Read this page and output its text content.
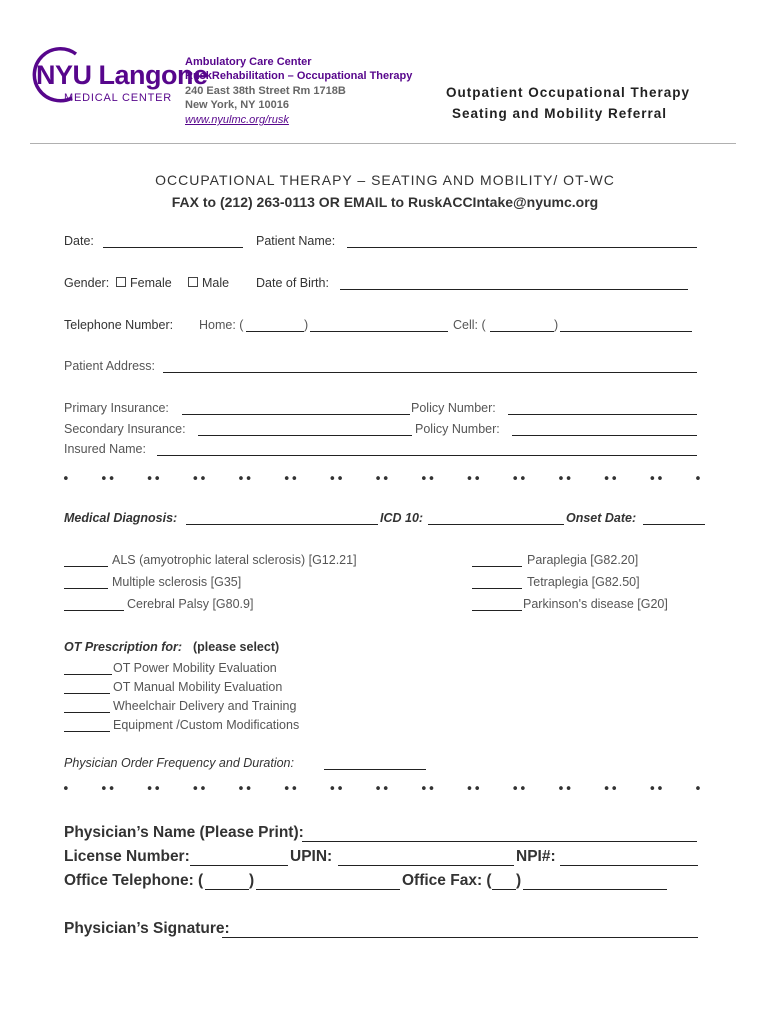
NYU Langone
MEDICAL CENTER
Ambulatory Care Center
RuskRehabilitation – Occupational Therapy
240 East 38th Street Rm 1718B
New York, NY 10016
www.nyulmc.org/rusk
Outpatient Occupational Therapy
Seating and Mobility Referral
OCCUPATIONAL THERAPY – SEATING AND MOBILITY/ OT-WC
FAX to (212) 263-0113 OR EMAIL to RuskACCIntake@nyumc.org
Date:	Patient Name:
Gender:	Female	Male Date of Birth:
Telephone Number: Home: (	)	Cell: (	)
Patient Address:
Primary Insurance:	Policy Number:
Secondary Insurance:	Policy Number:
Insured Name:
• •• •• •• •• •• •• •• •• •• •• •• •• •• •
Medical Diagnosis:	ICD 10:	Onset Date:
ALS (amyotrophic lateral sclerosis) [G12.21]
Multiple sclerosis [G35]
Cerebral Palsy [G80.9]
Paraplegia [G82.20]
Tetraplegia [G82.50]
Parkinson's disease [G20]
OT Prescription for: (please select)
OT Power Mobility Evaluation
OT Manual Mobility Evaluation
Wheelchair Delivery and Training
Equipment /Custom Modifications
Physician Order Frequency and Duration:
• •• •• •• •• •• •• •• •• •• •• •• •• •• •
Physician’s Name (Please Print):
License Number:	UPIN:	NPI#:
Office Telephone: (	)	Office Fax: ( )
Physician’s Signature:
